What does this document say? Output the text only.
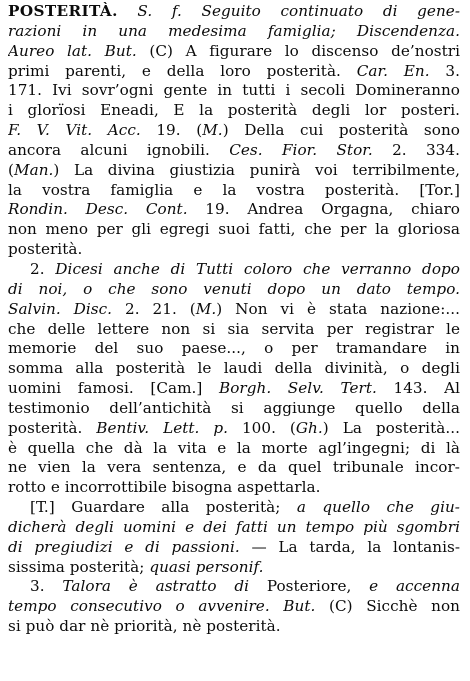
POSTERITÀ. S. f. Seguito continuato di gene-
razioni in una medesima famiglia; Discendenza.
Aureo lat. But. (C) A figurare lo discenso de’nostri
primi parenti, e della loro posterità. Car. En. 3.
171. Ivi sovr’ogni gente in tutti i secoli Domineranno
i glorïosi Eneadi, E la posterità degli lor posteri.
F. V. Vit. Acc. 19. (M.) Della cui posterità sono
ancora alcuni ignobili. Ces. Fior. Stor. 2. 334.
(Man.) La divina giustizia punirà voi terribilmente,
la vostra famiglia e la vostra posterità. [Tor.]
Rondin. Desc. Cont. 19. Andrea Orgagna, chiaro
non meno per gli egregi suoi fatti, che per la gloriosa
posterità.
2. Dicesi anche di Tutti coloro che verranno dopo
di noi, o che sono venuti dopo un dato tempo.
Salvin. Disc. 2. 21. (M.) Non vi è stata nazione:...
che delle lettere non si sia servita per registrar le
memorie del suo paese..., o per tramandare in
somma alla posterità le laudi della divinità, o degli
uomini famosi. [Cam.] Borgh. Selv. Tert. 143. Al
testimonio dell’antichità si aggiunge quello della
posterità. Bentiv. Lett. p. 100. (Gh.) La posterità...
è quella che dà la vita e la morte agl’ingegni; di là
ne vien la vera sentenza, e da quel tribunale incor-
rotto e incorrottibile bisogna aspettarla.
[T.] Guardare alla posterità; a quello che giu-
dicherà degli uomini e dei fatti un tempo più sgombri
di pregiudizi e di passioni. — La tarda, la lontanis-
sissima posterità; quasi personif.
3. Talora è astratto di Posteriore, e accenna
tempo consecutivo o avvenire. But. (C) Sicchè non
si può dar nè priorità, nè posterità.
